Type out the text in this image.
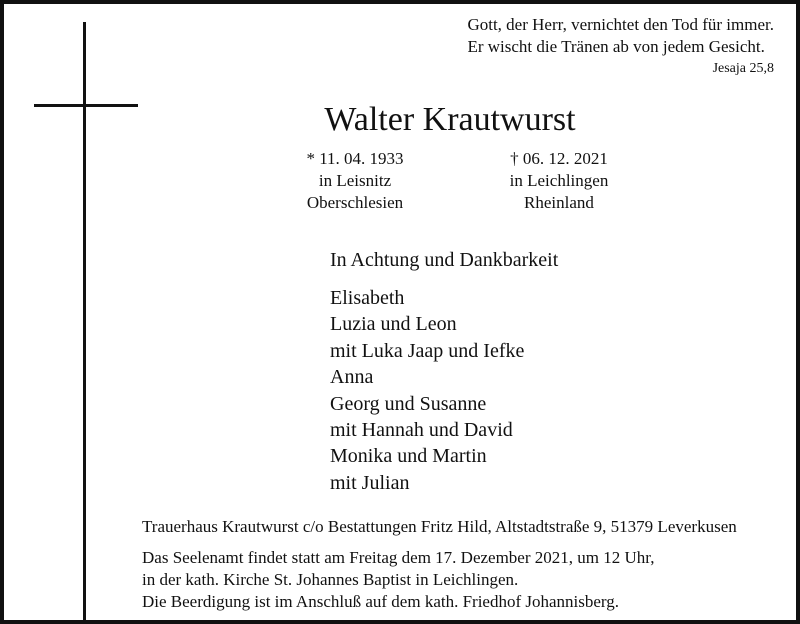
Gott, der Herr, vernichtet den Tod für immer.
Er wischt die Tränen ab von jedem Gesicht.
Jesaja 25,8
Walter Krautwurst
* 11. 04. 1933
in Leisnitz
Oberschlesien
† 06. 12. 2021
in Leichlingen
Rheinland
In Achtung und Dankbarkeit
Elisabeth
Luzia und Leon
mit Luka Jaap und Iefke
Anna
Georg und Susanne
mit Hannah und David
Monika und Martin
mit Julian
Trauerhaus Krautwurst c/o Bestattungen Fritz Hild, Altstadtstraße 9, 51379 Leverkusen
Das Seelenamt findet statt am Freitag dem 17. Dezember 2021, um 12 Uhr,
in der kath. Kirche St. Johannes Baptist in Leichlingen.
Die Beerdigung ist im Anschluß auf dem kath. Friedhof Johannisberg.
